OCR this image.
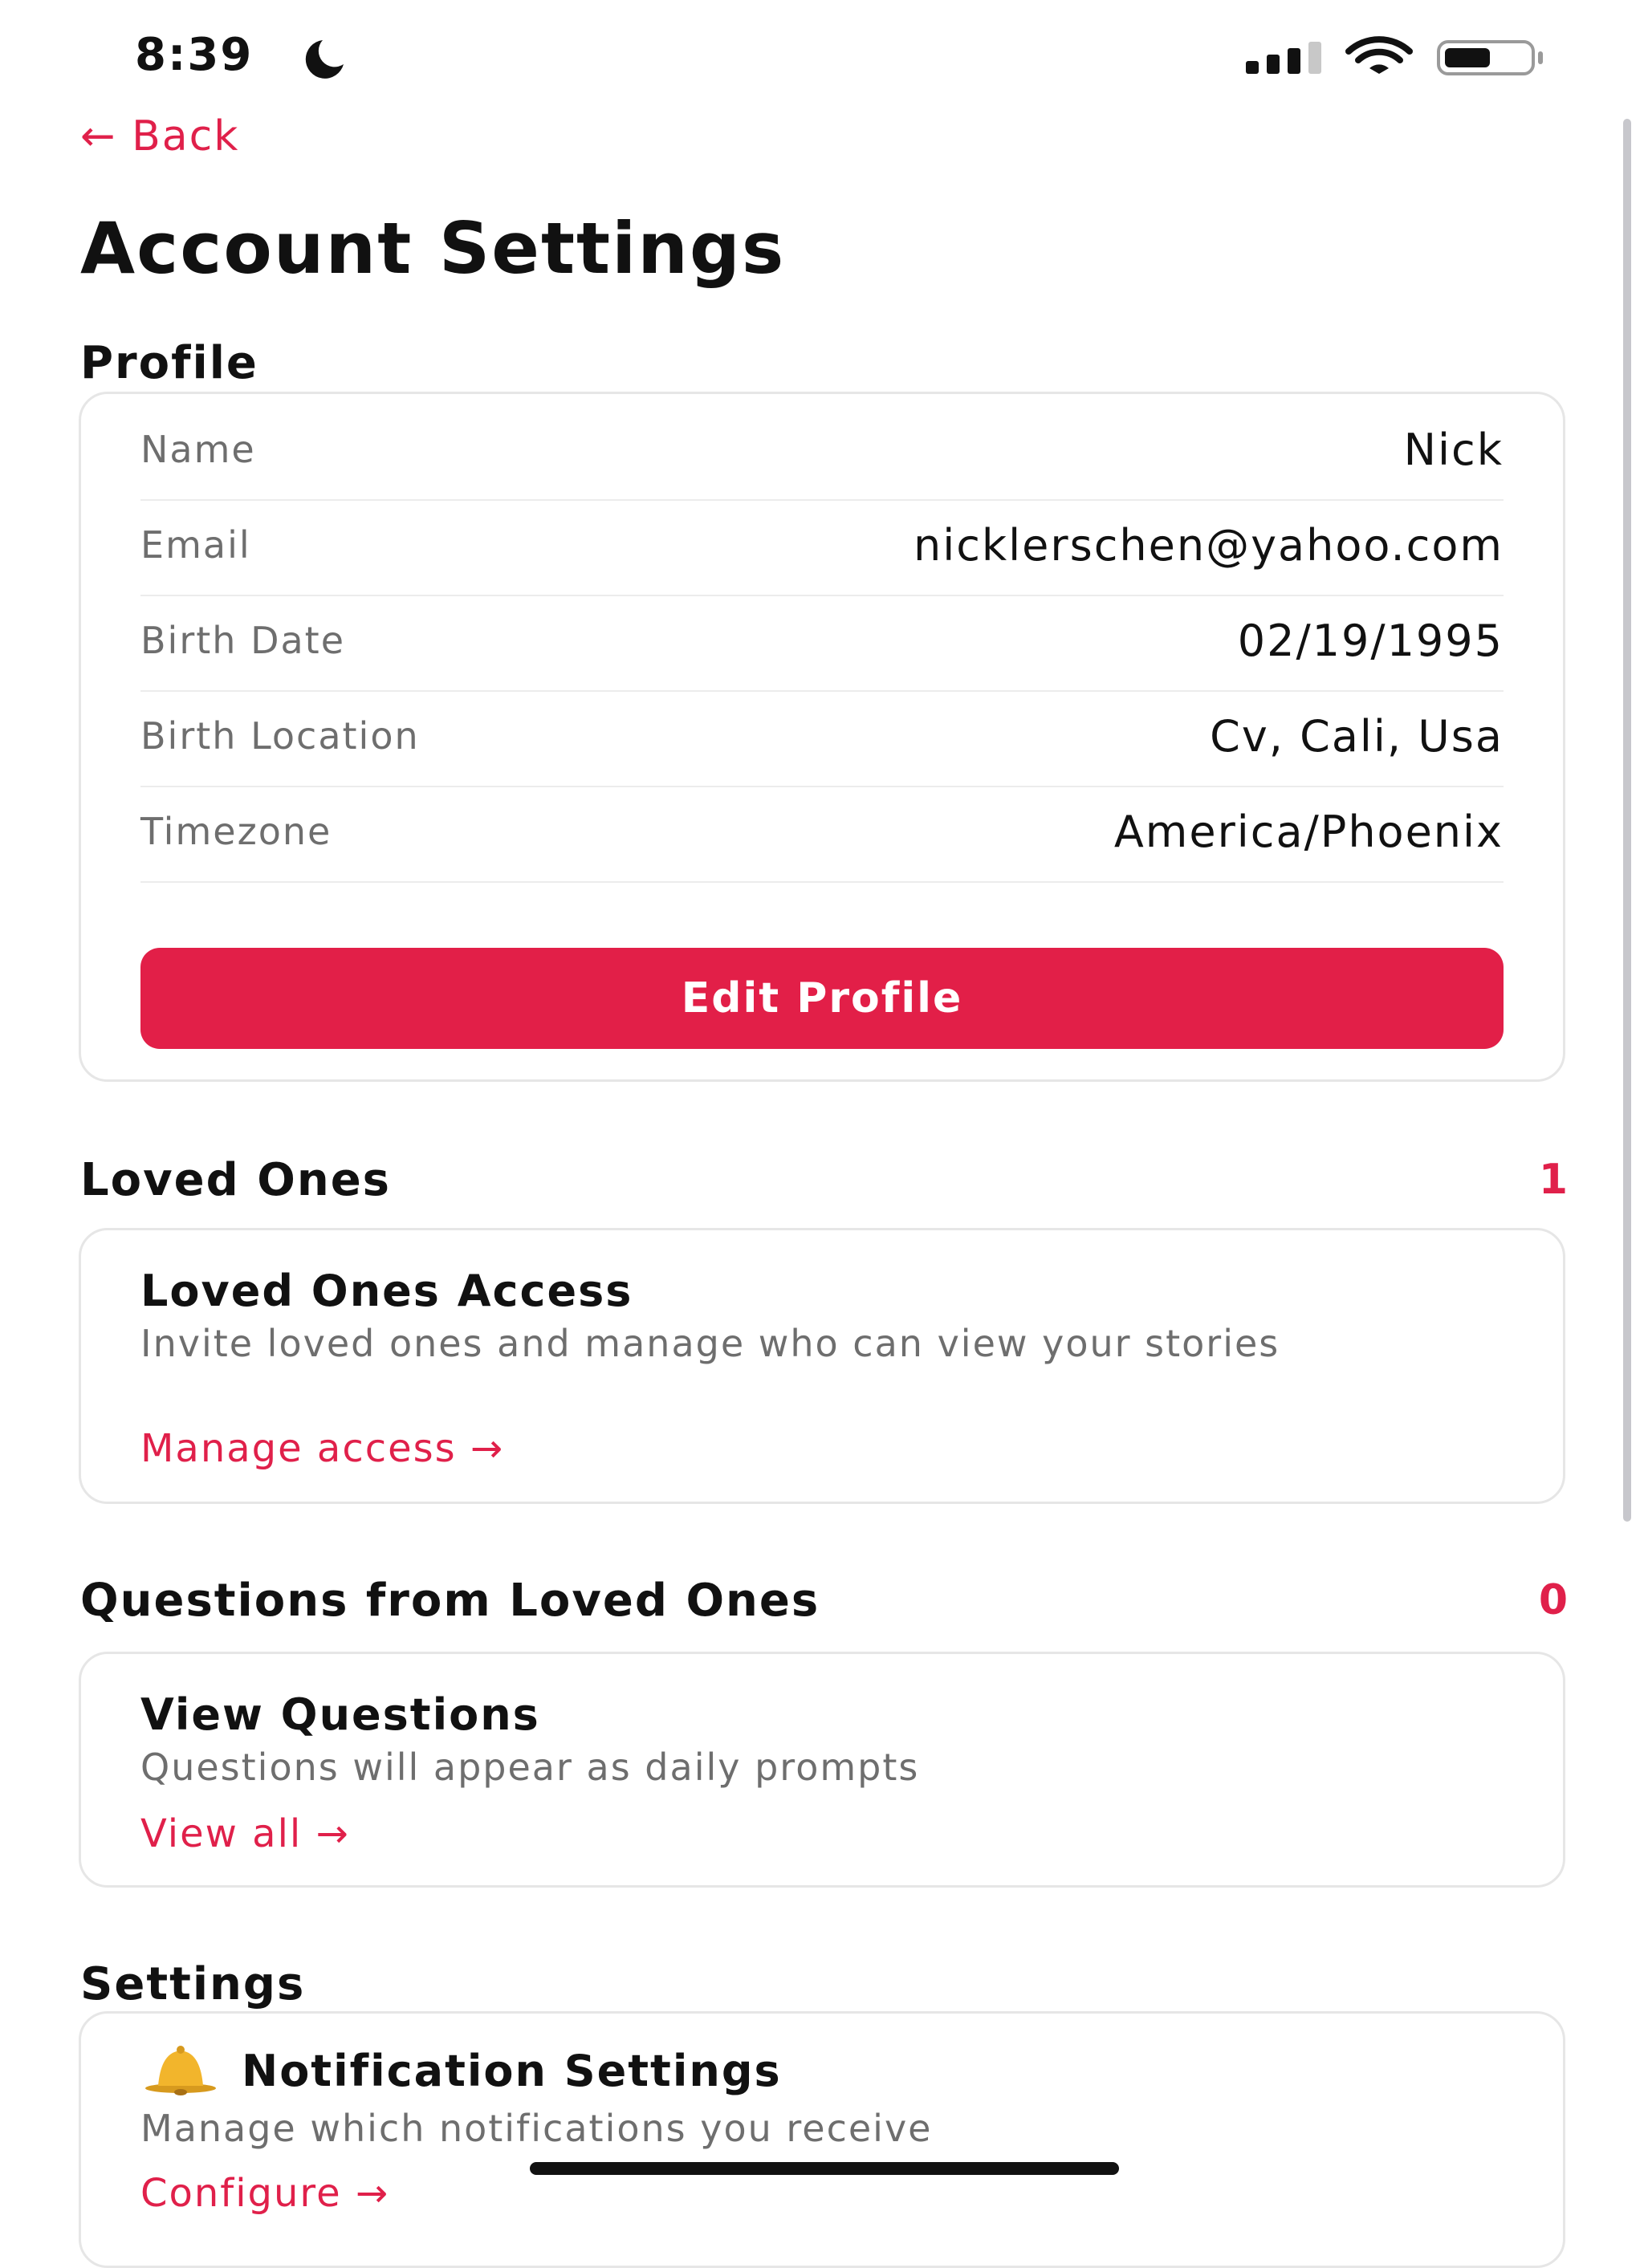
8:39
← Back
Account Settings
Profile
Name	Nick
Email	nicklerschen@yahoo.com
Birth Date	02/19/1995
Birth Location	Cv, Cali, Usa
Timezone	America/Phoenix
Edit Profile
Loved Ones	1
Loved Ones Access

Invite loved ones and manage who can view your stories

Manage access →
Questions from Loved Ones	0
View Questions

Questions will appear as daily prompts

View all →
Settings
Notification Settings

Manage which notifications you receive

Configure →
